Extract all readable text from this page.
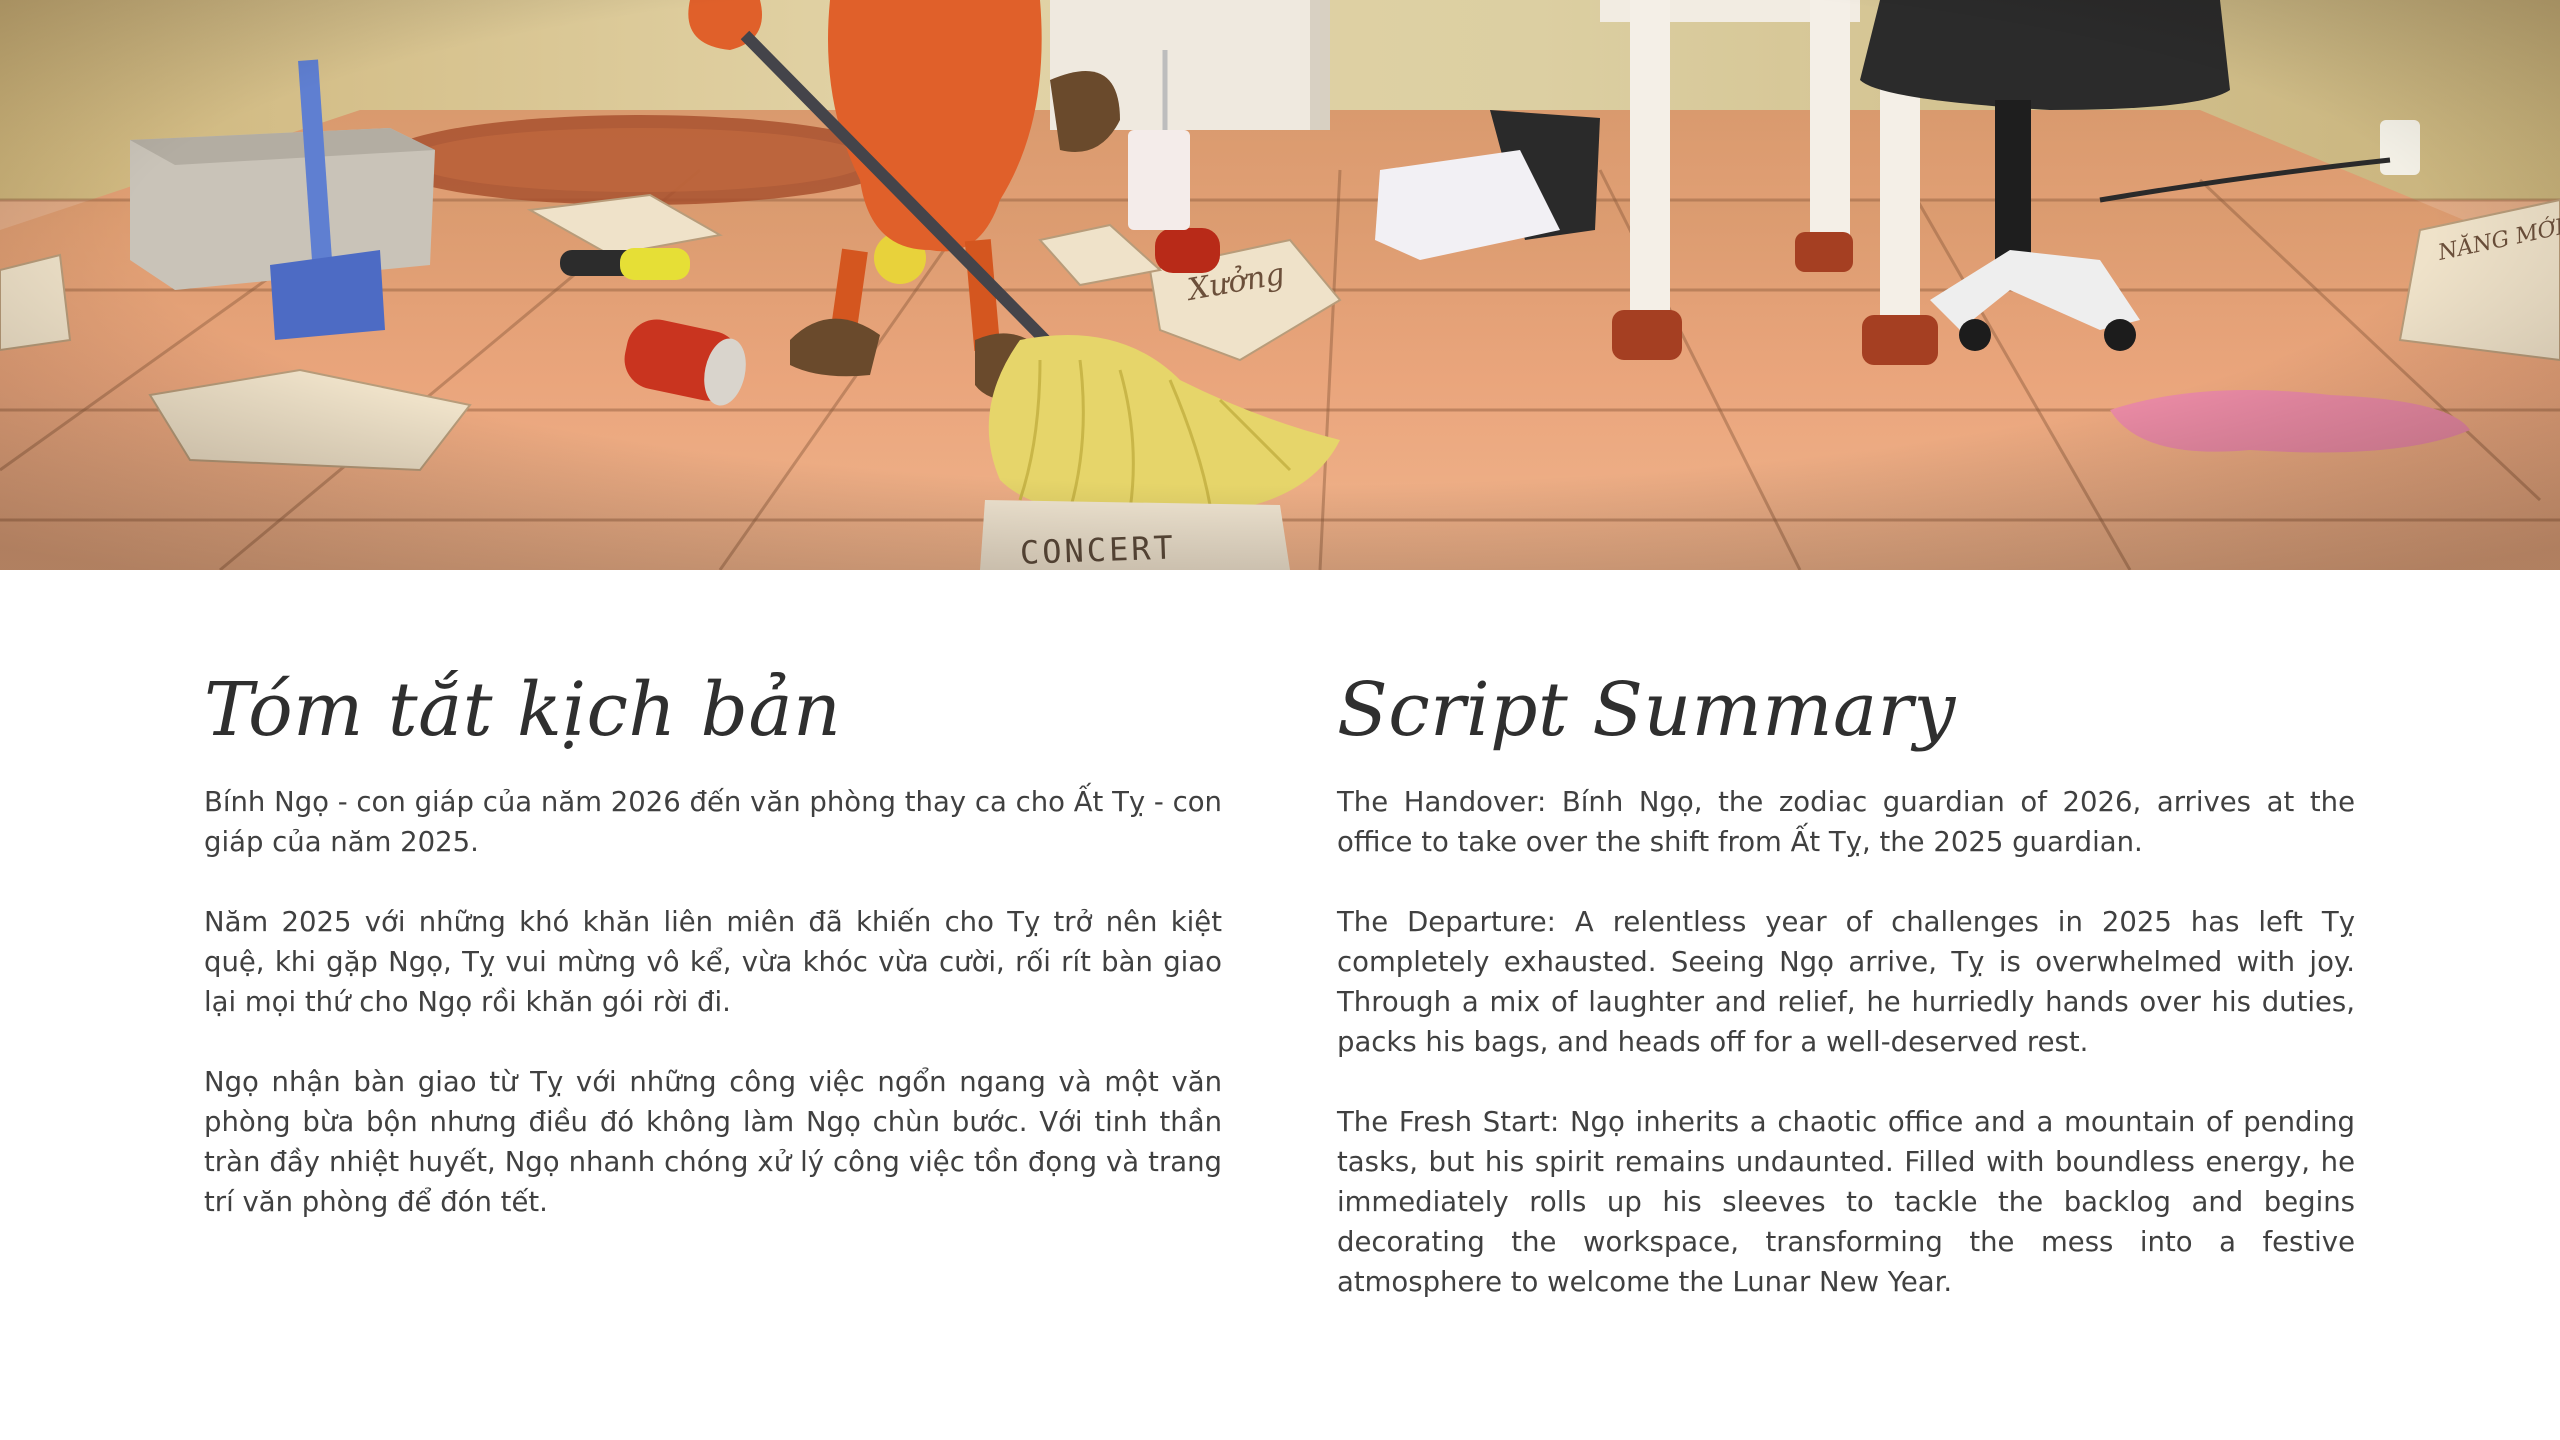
Tóm tắt kịch bản

Bính Ngọ - con giáp của năm 2026 đến văn phòng thay ca cho Ất Tỵ - con giáp của năm 2025.

Năm 2025 với những khó khăn liên miên đã khiến cho Tỵ trở nên kiệt quệ, khi gặp Ngọ, Tỵ vui mừng vô kể, vừa khóc vừa cười, rối rít bàn giao lại mọi thứ cho Ngọ rồi khăn gói rời đi.

Ngọ nhận bàn giao từ Tỵ với những công việc ngổn ngang và một văn phòng bừa bộn nhưng điều đó không làm Ngọ chùn bước. Với tinh thần tràn đầy nhiệt huyết, Ngọ nhanh chóng xử lý công việc tồn đọng và trang trí văn phòng để đón tết.

Script Summary

The Handover: Bính Ngọ, the zodiac guardian of 2026, arrives at the office to take over the shift from Ất Tỵ, the 2025 guardian.

The Departure: A relentless year of challenges in 2025 has left Tỵ completely exhausted. Seeing Ngọ arrive, Tỵ is overwhelmed with joy. Through a mix of laughter and relief, he hurriedly hands over his duties, packs his bags, and heads off for a well-deserved rest.

The Fresh Start: Ngọ inherits a chaotic office and a mountain of pending tasks, but his spirit remains undaunted. Filled with boundless energy, he immediately rolls up his sleeves to tackle the backlog and begins decorating the workspace, transforming the mess into a festive atmosphere to welcome the Lunar New Year.
